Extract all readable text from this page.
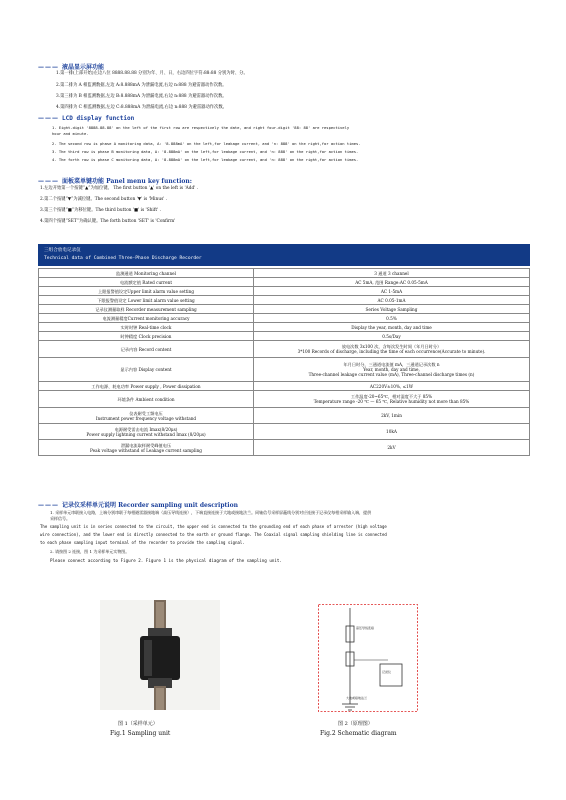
——— 液晶显示屏功能
1.第一排(上部开始)左边八位 8888.88.88 分别为年、月、日，右边四位字符:88:88 分别为时、分。
2.第二排为 A 相监测数据,左边 A:8.888mA 为泄漏电流,右边 n:888 为避雷器动作次数。
3.第三排为 B 相监测数据,左边 B:8.888mA 为泄漏电流,右边 n:888 为避雷器动作次数。
4.第四排为 C 相监测数据,左边 C:8.888mA 为泄漏电流,右边 n:888 为避雷器动作次数。
——— LCD display function
1. Eight-digit '8888.88.88' on the left of the first row are respectively the date, and right four-digit '88: 88' are respectively
hour and minute.
2. The second row is phase A monitoring data, A: '8.888mA' on the left,for leakage current, and 'n: 888' on the right,for action times.
3. The third row is phase B monitoring data, A: '8.888mA' on the left,for leakage current, and 'n: 888' on the right,for action times.
4. The forth row is phase C monitoring data, A: '8.888mA' on the left,for leakage current, and 'n: 888' on the right,for action times.
——— 面板菜单键功能 Panel menu key function:
1.左边开始第一个按键“▲”为加位键。 The first button '▲' on the left is 'Add' .
2.第二个按键“▼”为减位键。The second button '▼' is 'Minus' .
3.第三个按键“■”为移位键。The third button '■' is 'Shift' .
4.第四个按键“SET”为确认键。The forth button 'SET' is 'Confirm'
三组合放电记录仪
Technical data of Combined Three-Phase Discharge Recorder
监测通道 Monitoring channel	3 通道 3 channel

电流额定值 Rated current	AC 5mA, 范围 Range:AC 0.05-5mA

上限报警值设定Upper limit alarm value setting	AC 1-5mA

下限报警值设定 Lower limit alarm value setting	AC 0.05-1mA

记录仪测量取样 Recorder measurement sampling	Series Voltage Sampling

电流测量精度Current monitoring accuracy	0.5%

实时时钟 Real-time clock	Display the year, month, day and time

时钟精度 Clock precision	0.5s/Day

记录内容 Record content	放电次数 3x100 次，含每次发生时间（年月日时分）
3*100 Records of discharge, including the time of each occurrence(Accurate to minute).

显示内容 Display content	年月日时分，三通道电流值 mA，三通道记录次数 n
Year, month, day and time,
Three-channel leakage current value (mA), Three-channel discharge times (n)

工作电源、耗电功率 Power supply , Power dissipation	AC220V±10%, ≤1W

环境条件 Ambient condition	工作温度-20~65℃，相对湿度不大于 85%
Temperature range -20 ℃ — 65 ℃, Relative humidity not more than 85%

仪表耐受工频电压
Instrument power frequency voltage withstand	2kV, 1min

电源耐受雷击电流 Imax(8/20μs)
Power supply lightning current withstand Imax (8/20μs)	10kA

泄漏电流取样耐受峰值电压
Peak voltage withstand of Leakage current sampling	2kV
——— 记录仪采样单元说明 Recorder sampling unit description
1. 采样单元串联接入电路，上端分别串联于每相避雷器接地端（高压导线连接），下端直接连接于大地或接地法兰。同轴信号采样屏蔽线分别对应连接于记录仪每相采样输入端，提供
采样信号。
The sampling unit is in series connected to the circuit, the upper end is connected to the grounding end of each phase of arrester (high voltage
wire connection), and the lower end is directly connected to the earth or ground flange. The Coaxial signal sampling shielding line is connected
to each phase sampling input terminal of the recorder to provide the sampling signal.
2. 请按图 2 连接，图 1 为采样单元实物图。
Please connect according to Figure 2. Figure 1 is the physical diagram of the sampling unit.
高压导线连接
记录仪
大地或接地法兰
图 1（采样单元）
Fig.1 Sampling unit
图 2（原理图）
Fig.2 Schematic diagram
